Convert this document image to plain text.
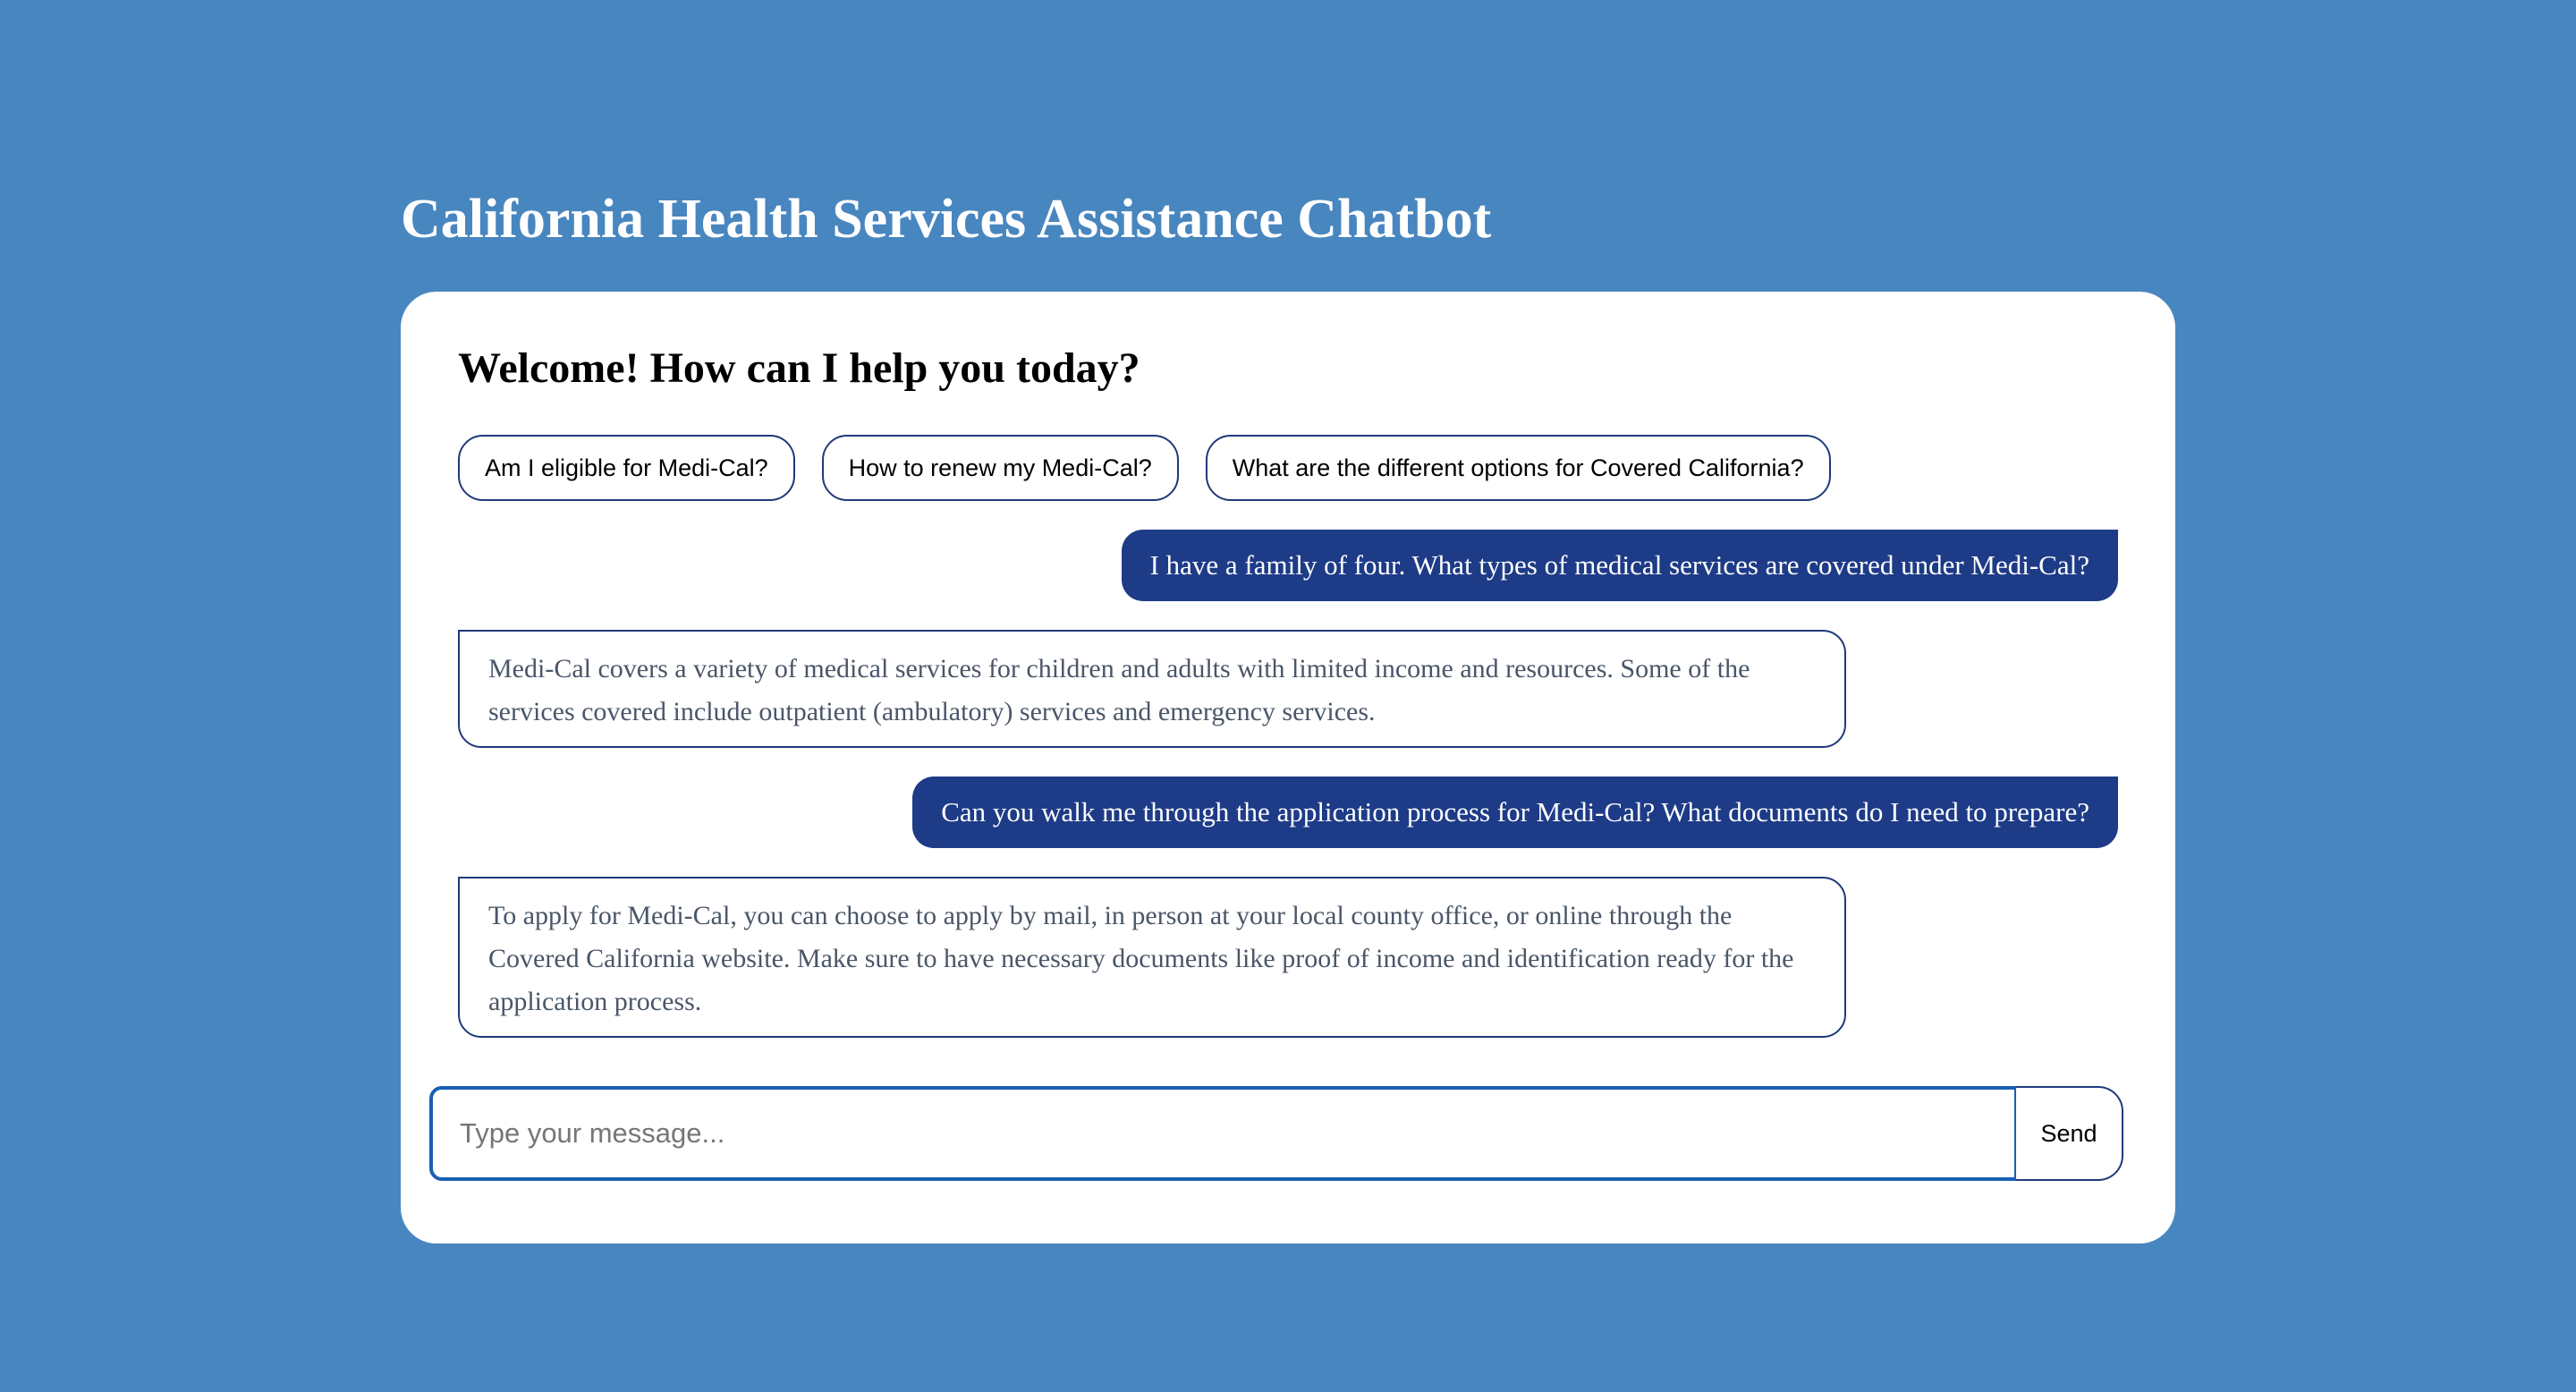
California Health Services Assistance Chatbot
Welcome! How can I help you today?
Am I eligible for Medi-Cal?	How to renew my Medi-Cal?	What are the different options for Covered California?
I have a family of four. What types of medical services are covered under Medi-Cal?
Medi-Cal covers a variety of medical services for children and adults with limited income and resources. Some of the services covered include outpatient (ambulatory) services and emergency services.
Can you walk me through the application process for Medi-Cal? What documents do I need to prepare?
To apply for Medi-Cal, you can choose to apply by mail, in person at your local county office, or online through the Covered California website. Make sure to have necessary documents like proof of income and identification ready for the application process.
Type your message...
Send
